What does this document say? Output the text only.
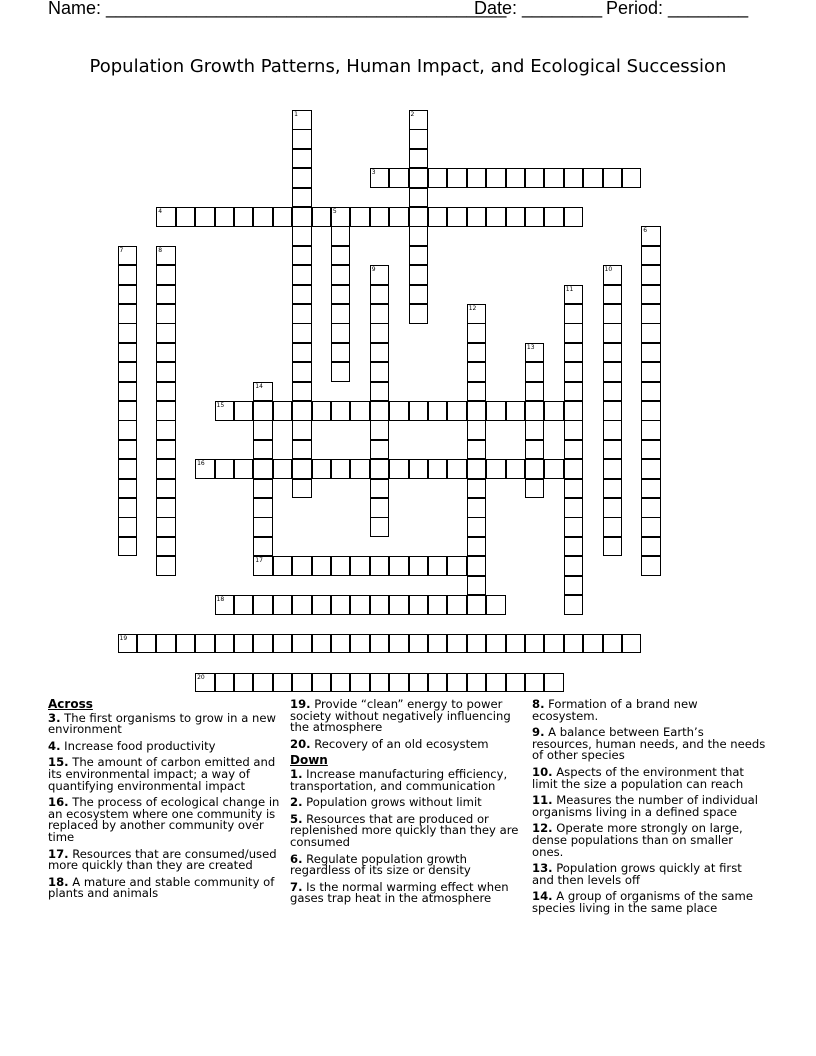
Name: ________________________________________
Date: ________ Period: ________
Population Growth Patterns, Human Impact, and Ecological Succession
1	2
3
4	5
6
7	8
9	10
11
12
13
14
15
16
17
18
19
20
Across
3. The first organisms to grow in a new environment
4. Increase food productivity
15. The amount of carbon emitted and its environmental impact; a way of quantifying environmental impact
16. The process of ecological change in an ecosystem where one community is replaced by another community over time
17. Resources that are consumed/used more quickly than they are created
18. A mature and stable community of plants and animals
19. Provide “clean” energy to power society without negatively influencing the atmosphere
20. Recovery of an old ecosystem
Down
1. Increase manufacturing efficiency, transportation, and communication
2. Population grows without limit
5. Resources that are produced or replenished more quickly than they are consumed
6. Regulate population growth regardless of its size or density
7. Is the normal warming effect when gases trap heat in the atmosphere
8. Formation of a brand new ecosystem.
9. A balance between Earth’s resources, human needs, and the needs of other species
10. Aspects of the environment that limit the size a population can reach
11. Measures the number of individual organisms living in a defined space
12. Operate more strongly on large, dense populations than on smaller ones.
13. Population grows quickly at first and then levels off
14. A group of organisms of the same species living in the same place
